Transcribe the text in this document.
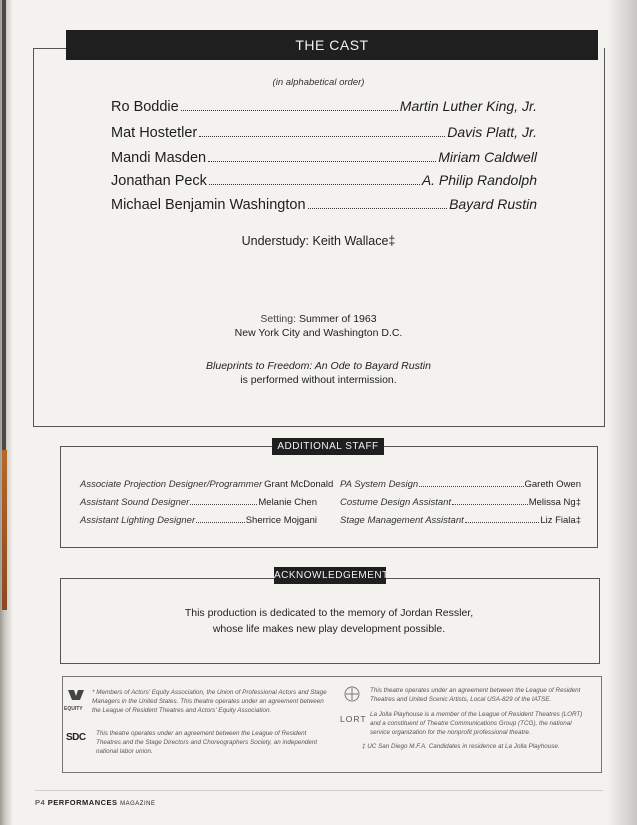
THE CAST
(in alphabetical order)
Ro Boddie	Martin Luther King, Jr.
Mat Hostetler	Davis Platt, Jr.
Mandi Masden	Miriam Caldwell
Jonathan Peck	A. Philip Randolph
Michael Benjamin Washington	Bayard Rustin
Understudy: Keith Wallace‡
Setting: Summer of 1963
New York City and Washington D.C.
Blueprints to Freedom: An Ode to Bayard Rustin
is performed without intermission.
ADDITIONAL STAFF
Associate Projection Designer/Programmer Grant McDonald
Assistant Sound Designer	Melanie Chen
Assistant Lighting Designer	Sherrice Mojgani
PA System Design	Gareth Owen
Costume Design Assistant	Melissa Ng‡
Stage Management Assistant	Liz Fiala‡
ACKNOWLEDGEMENTS
This production is dedicated to the memory of Jordan Ressler,
whose life makes new play development possible.
EQUITY
* Members of Actors' Equity Association, the Union of Professional Actors and Stage Managers in the United States. This theatre operates under an agreement between the League of Resident Theatres and Actors' Equity Association.
SDC This theatre operates under an agreement between the League of Resident Theatres and the Stage Directors and Choreographers Society, an independent national labor union.
This theatre operates under an agreement between the League of Resident Theatres and United Scenic Artists, Local USA-829 of the IATSE.
LORT La Jolla Playhouse is a member of the League of Resident Theatres (LORT) and a constituent of Theatre Communications Group (TCG), the national service organization for the nonprofit professional theatre.
‡ UC San Diego M.F.A. Candidates in residence at La Jolla Playhouse.
P4 PERFORMANCES MAGAZINE
